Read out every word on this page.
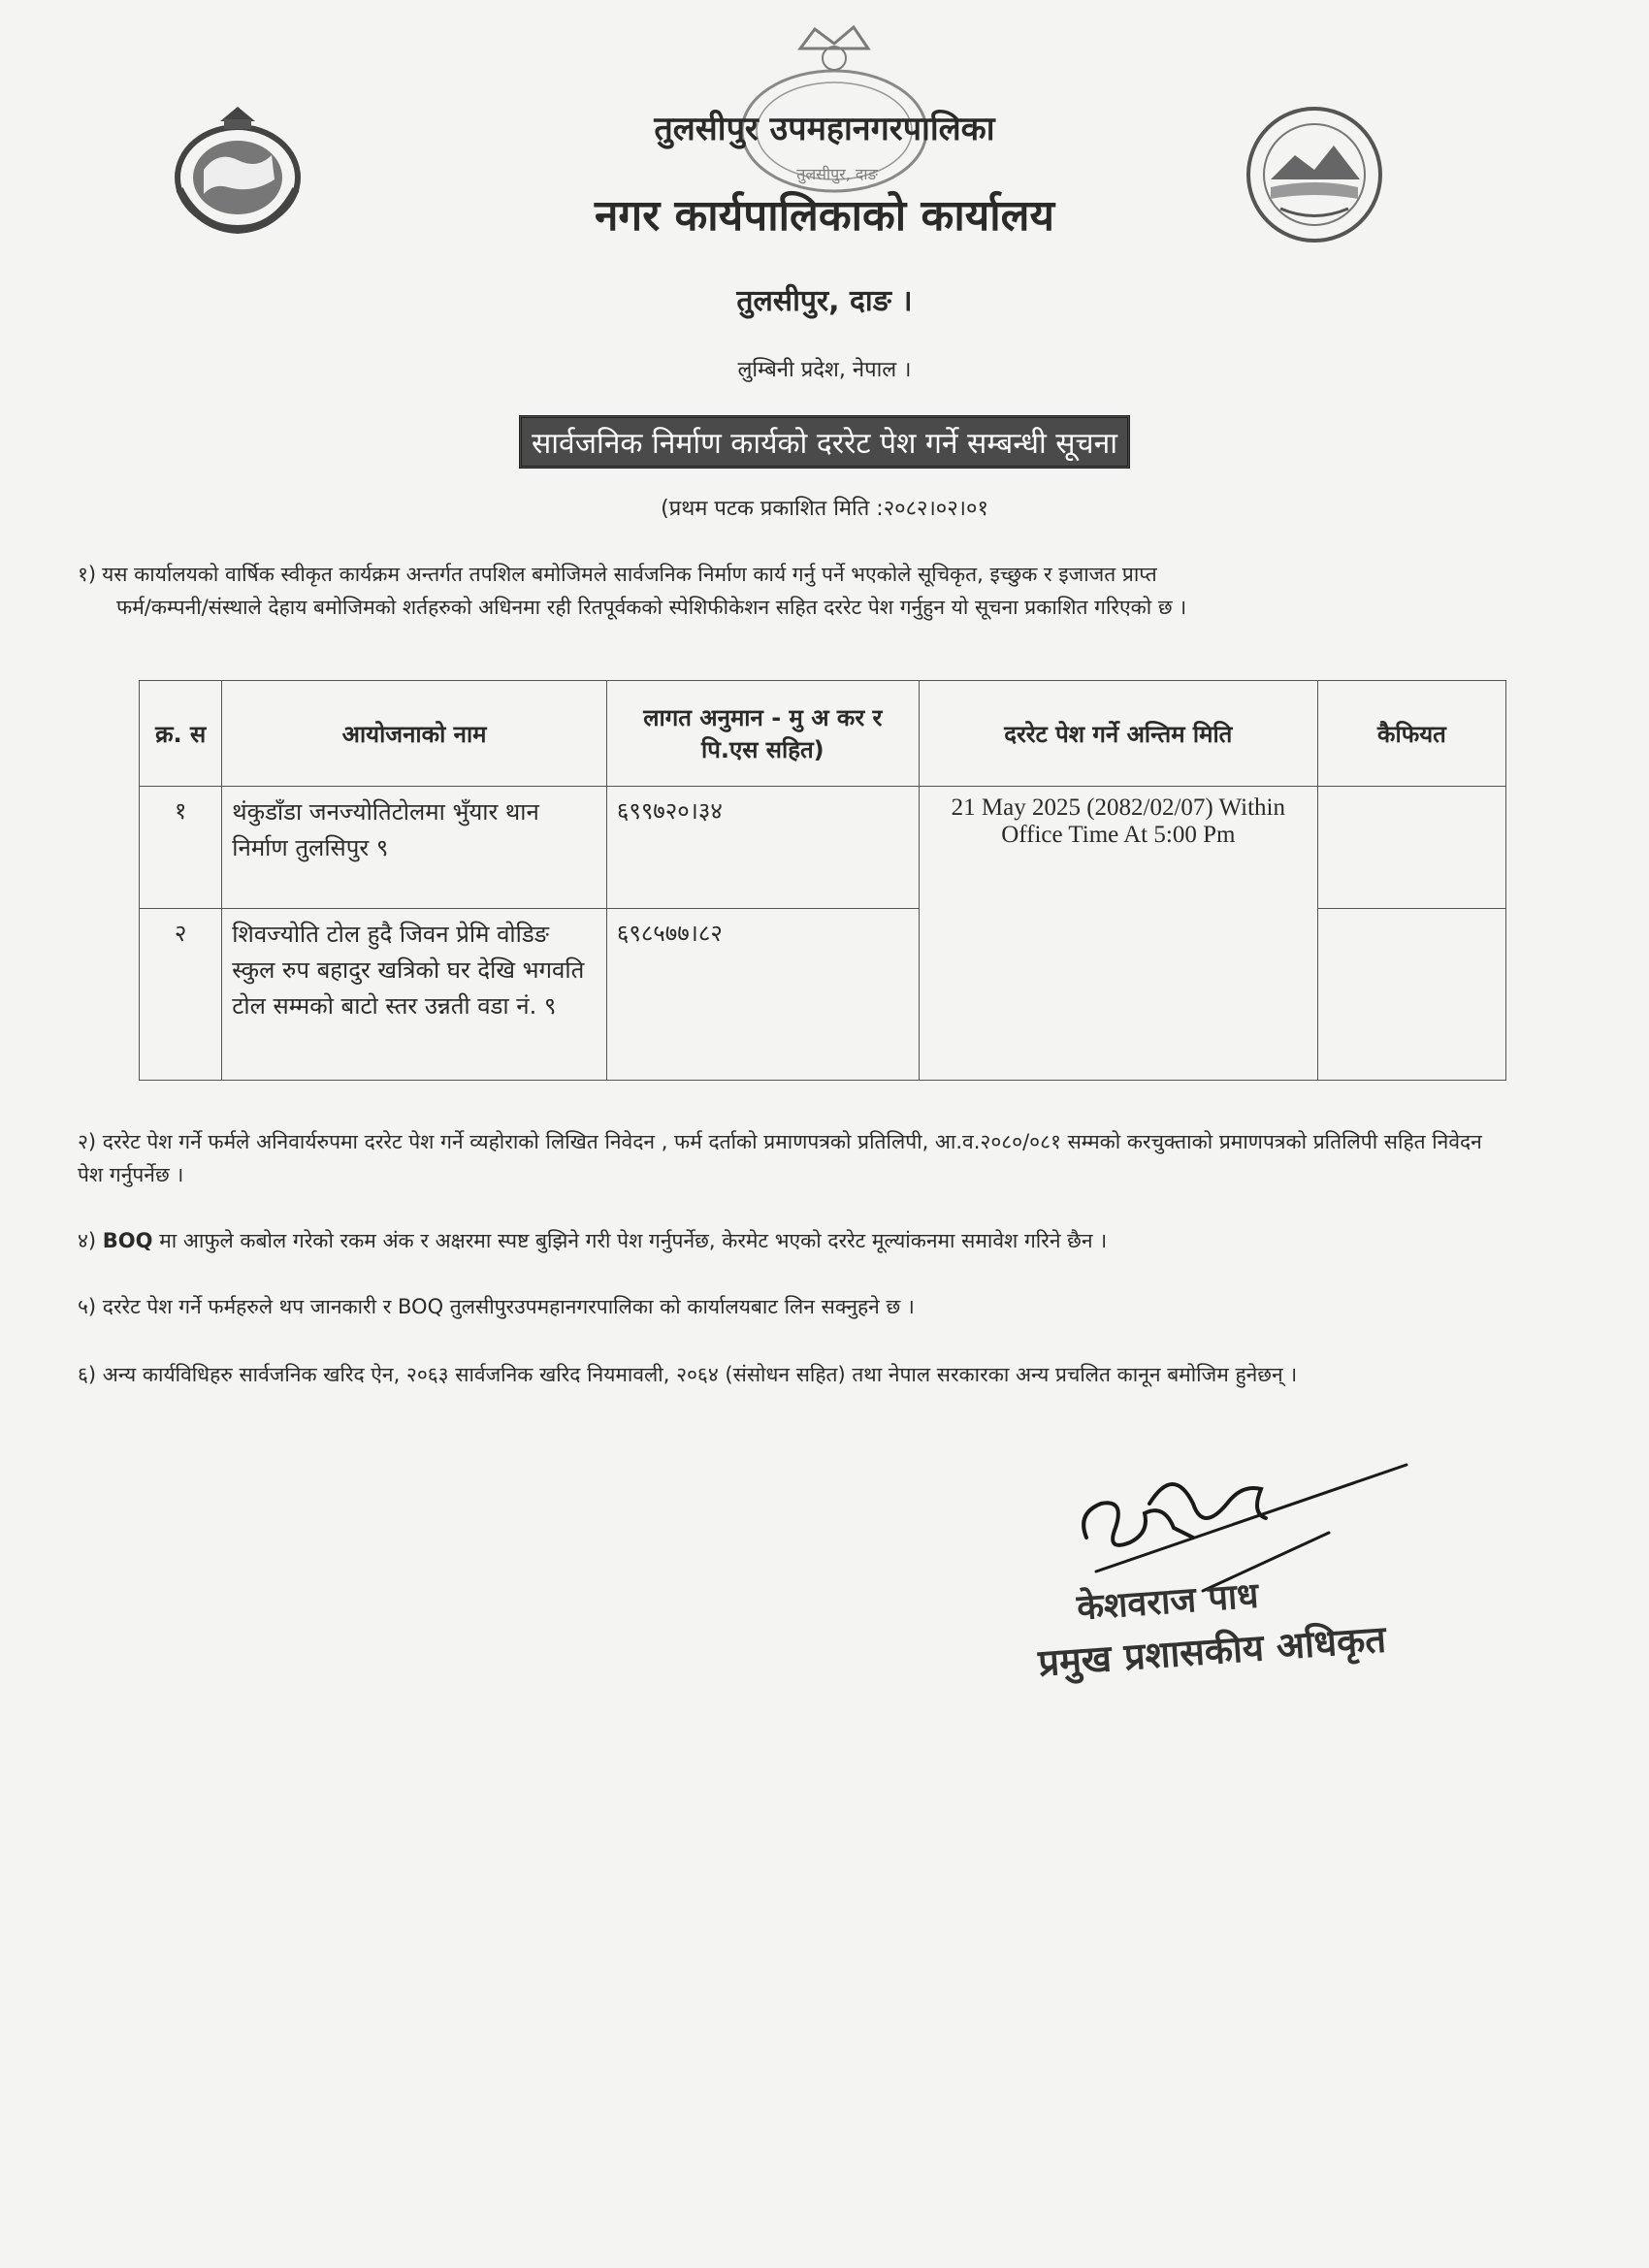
तुलसीपुर, दाङ
तुलसीपुर उपमहानगरपालिका
नगर कार्यपालिकाको कार्यालय
तुलसीपुर, दाङ ।
लुम्बिनी प्रदेश, नेपाल ।
सार्वजनिक निर्माण कार्यको दररेट पेश गर्ने सम्बन्धी सूचना
(प्रथम पटक प्रकाशित मिति :२०८२।०२।०१
१) यस कार्यालयको वार्षिक स्वीकृत कार्यक्रम अन्तर्गत तपशिल बमोजिमले सार्वजनिक निर्माण कार्य गर्नु पर्ने भएकोले सूचिकृत, इच्छुक र इजाजत प्राप्त
फर्म/कम्पनी/संस्थाले देहाय बमोजिमको शर्तहरुको अधिनमा रही रितपूर्वकको स्पेशिफीकेशन सहित दररेट पेश गर्नुहुन यो सूचना प्रकाशित गरिएको छ ।
क्र. स	आयोजनाको नाम	लागत अनुमान - मु अ कर र पि.एस सहित)	दररेट पेश गर्ने अन्तिम मिति	कैफियत
१	थंकुडाँडा जनज्योतिटोलमा भुँयार थान निर्माण तुलसिपुर ९	६९९७२०।३४	21 May 2025 (2082/02/07) Within Office Time At 5:00 Pm	
२	शिवज्योति टोल हुदै जिवन प्रेमि वोडिङ स्कुल रुप बहादुर खत्रिको घर देखि भगवति टोल सम्मको बाटो स्तर उन्नती वडा नं. ९	६९८५७७।८२		
२) दररेट पेश गर्ने फर्मले अनिवार्यरुपमा दररेट पेश गर्ने व्यहोराको लिखित निवेदन , फर्म दर्ताको प्रमाणपत्रको प्रतिलिपी, आ.व.२०८०/०८१ सम्मको करचुक्ताको प्रमाणपत्रको प्रतिलिपी सहित निवेदन पेश गर्नुपर्नेछ ।
४) BOQ मा आफुले कबोल गरेको रकम अंक र अक्षरमा स्पष्ट बुझिने गरी पेश गर्नुपर्नेछ, केरमेट भएको दररेट मूल्यांकनमा समावेश गरिने छैन ।
५) दररेट पेश गर्ने फर्महरुले थप जानकारी र BOQ तुलसीपुरउपमहानगरपालिका को कार्यालयबाट लिन सक्नुहने छ ।
६) अन्य कार्यविधिहरु सार्वजनिक खरिद ऐन, २०६३ सार्वजनिक खरिद नियमावली, २०६४ (संसोधन सहित) तथा नेपाल सरकारका अन्य प्रचलित कानून बमोजिम हुनेछन् ।
केशवराज पाध
प्रमुख प्रशासकीय अधिकृत
